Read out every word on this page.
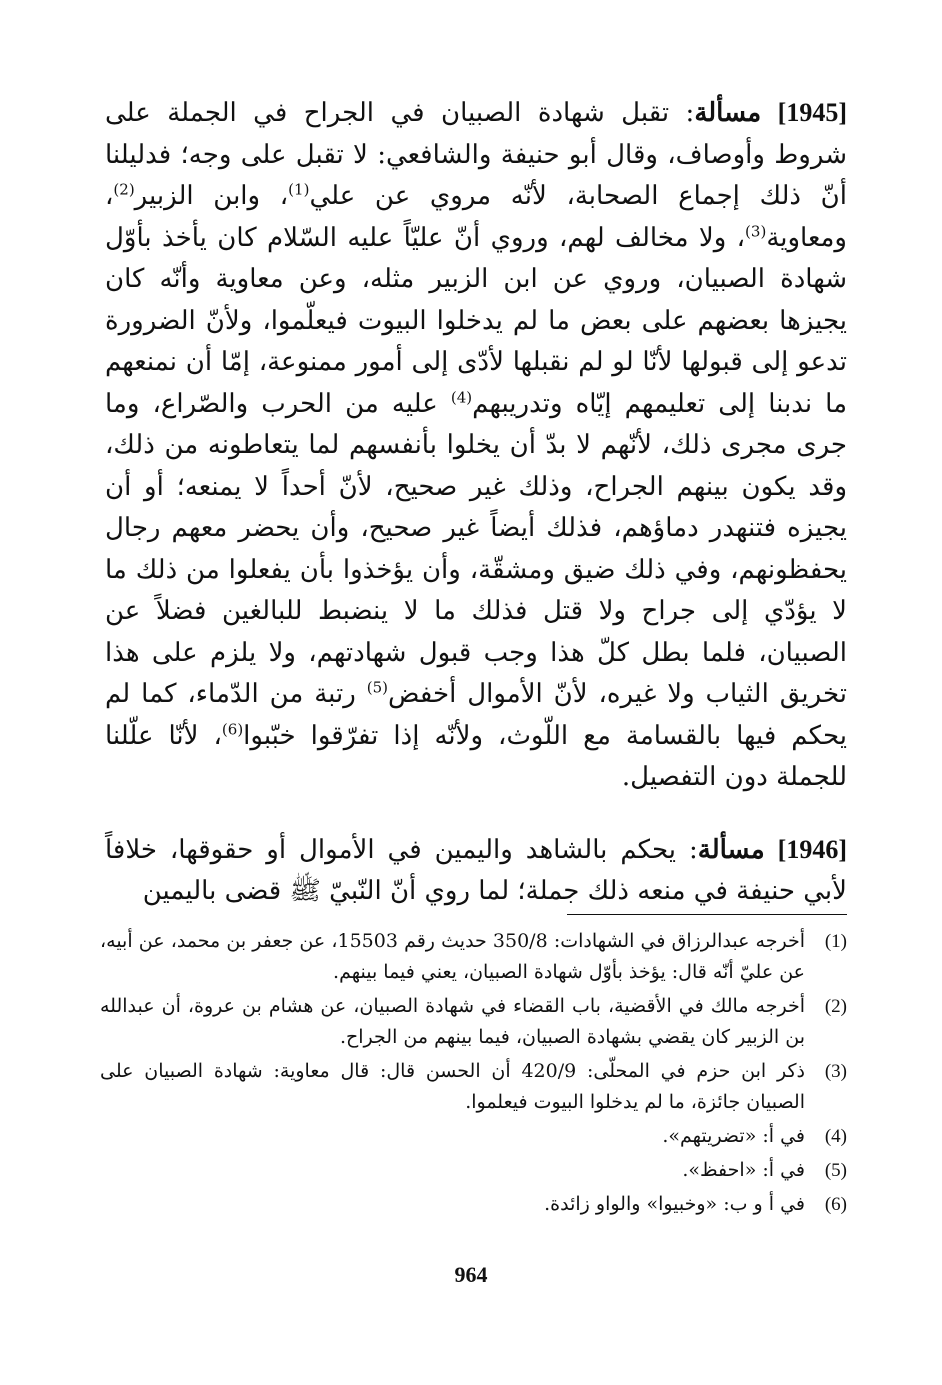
[1945] مسألة: تقبل شهادة الصبيان في الجراح في الجملة على شروط وأوصاف، وقال أبو حنيفة والشافعي: لا تقبل على وجه؛ فدليلنا أنّ ذلك إجماع الصحابة، لأنّه مروي عن علي$^{(1)}$، وابن الزبير$^{(2)}$، ومعاوية$^{(3)}$، ولا مخالف لهم، وروي أنّ عليّاً عليه السّلام كان يأخذ بأوّل شهادة الصبيان، وروي عن ابن الزبير مثله، وعن معاوية وأنّه كان يجيزها بعضهم على بعض ما لم يدخلوا البيوت فيعلّموا، ولأنّ الضرورة تدعو إلى قبولها لأنّا لو لم نقبلها لأدّى إلى أمور ممنوعة، إمّا أن نمنعهم ما ندبنا إلى تعليمهم إيّاه وتدريبهم$^{(4)}$ عليه من الحرب والصّراع، وما جرى مجرى ذلك، لأنّهم لا بدّ أن يخلوا بأنفسهم لما يتعاطونه من ذلك، وقد يكون بينهم الجراح، وذلك غير صحيح، لأنّ أحداً لا يمنعه؛ أو أن يجيزه فتنهدر دماؤهم، فذلك أيضاً غير صحيح، وأن يحضر معهم رجال يحفظونهم، وفي ذلك ضيق ومشقّة، وأن يؤخذوا بأن يفعلوا من ذلك ما لا يؤدّي إلى جراح ولا قتل فذلك ما لا ينضبط للبالغين فضلاً عن الصبيان، فلما بطل كلّ هذا وجب قبول شهادتهم، ولا يلزم على هذا تخريق الثياب ولا غيره، لأنّ الأموال أخفض$^{(5)}$ رتبة من الدّماء، كما لم يحكم فيها بالقسامة مع اللّوث، ولأنّه إذا تفرّقوا خبّبوا$^{(6)}$، لأنّا علّلنا للجملة دون التفصيل.

[1946] مسألة: يحكم بالشاهد واليمين في الأموال أو حقوقها، خلافاً لأبي حنيفة في منعه ذلك جملة؛ لما روي أنّ النّبيّ ﷺ قضى باليمين

(1)
أخرجه عبدالرزاق في الشهادات: 350/8 حديث رقم 15503، عن جعفر بن محمد، عن أبيه، عن عليّ أنّه قال: يؤخذ بأوّل شهادة الصبيان، يعني فيما بينهم.
(2)
أخرجه مالك في الأقضية، باب القضاء في شهادة الصبيان، عن هشام بن عروة، أن عبدالله بن الزبير كان يقضي بشهادة الصبيان، فيما بينهم من الجراح.
(3)
ذكر ابن حزم في المحلّى: 420/9 أن الحسن قال: قال معاوية: شهادة الصبيان على الصبيان جائزة، ما لم يدخلوا البيوت فيعلموا.
(4)
في أ: «تضريتهم».
(5)
في أ: «احفظ».
(6)
في أ و ب: «وخبيوا» والواو زائدة.
964
